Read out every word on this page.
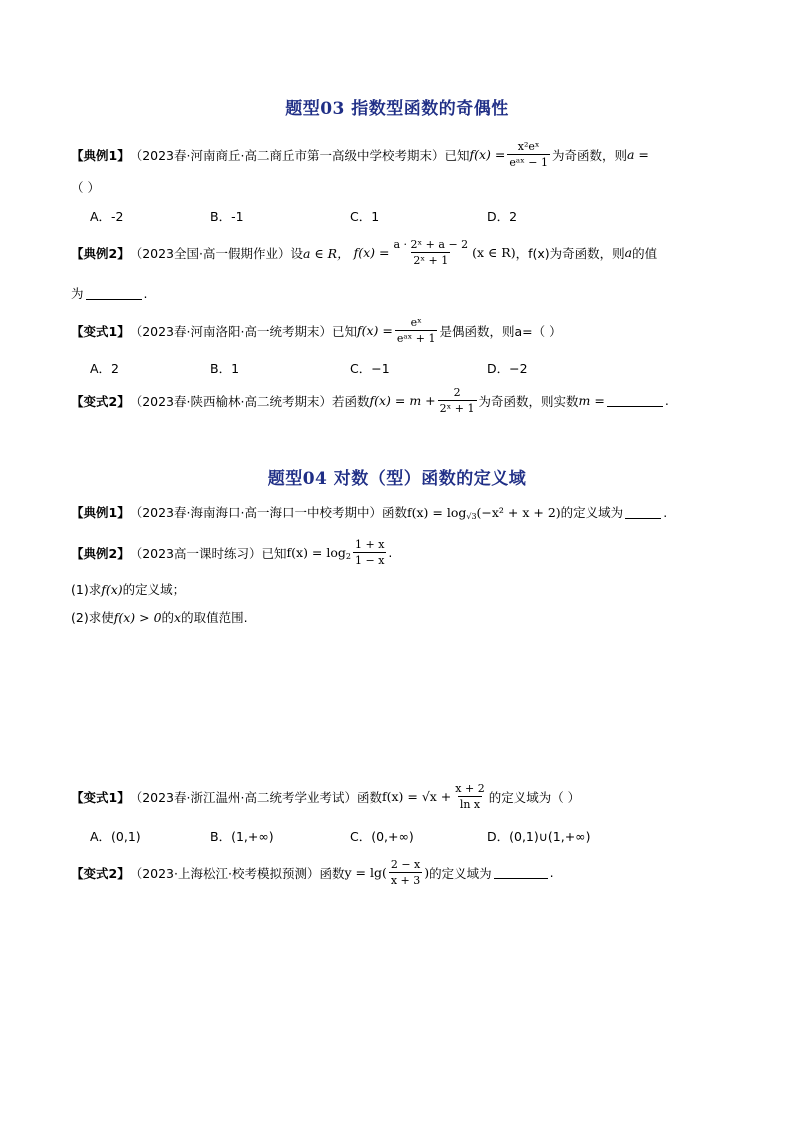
题型03 指数型函数的奇偶性
【典例1】 （2023春·河南商丘·高二商丘市第一高级中学校考期末）已知 $f(x) = \frac{\text{x²eˣ}}{\text{eᵃˣ − 1}}$ 为奇函数，则 a =
（ ）
A．-2	B．-1	C．1	D．2
【典例2】 （2023全国·高一假期作业）设 a ∈ R， $f(x) = \frac{\text{a · 2ˣ + a − 2}}{\text{2ˣ + 1}} (x$ ∈ R) ，f(x)为奇函数，则 a 的值
为	.
【变式1】 （2023春·河南洛阳·高一统考期末）已知 $f(x) = \frac{\text{eˣ}}{\text{eᵃˣ + 1}}$ 是偶函数，则 a=（ ）
A．2	B．1	C．−1	D．−2
【变式2】 （2023春·陕西榆林·高二统考期末）若函数 $f(x) = m + \frac{2}{\text{2ˣ + 1}}$ 为奇函数，则实数 m =	.
题型04 对数（型）函数的定义域
【典例1】 （2023春·海南海口·高一海口一中校考期中）函数 $f(x) = \log_{√3} (-x^2 + x + 2)$ 的定义域为	.
【典例2】 （2023高一课时练习）已知 $f(x) = \log_2 \frac{1 + x}{1 - x}$ .
(1)求 f(x) 的定义域；
(2)求使 f(x) > 0 的 x 的取值范围.
【变式1】 （2023春·浙江温州·高二统考学业考试）函数 $f(x) = √x + \frac{x + 2}{\text{ln x}}$ 的定义域为（ ）
A．(0,1)	B．(1,+∞)	C．(0,+∞)	D．(0,1)∪(1,+∞)
【变式2】 （2023·上海松江·校考模拟预测）函数 $y = \lg( \frac{2 - x}{x + 3}$ ) 的定义域为	.
